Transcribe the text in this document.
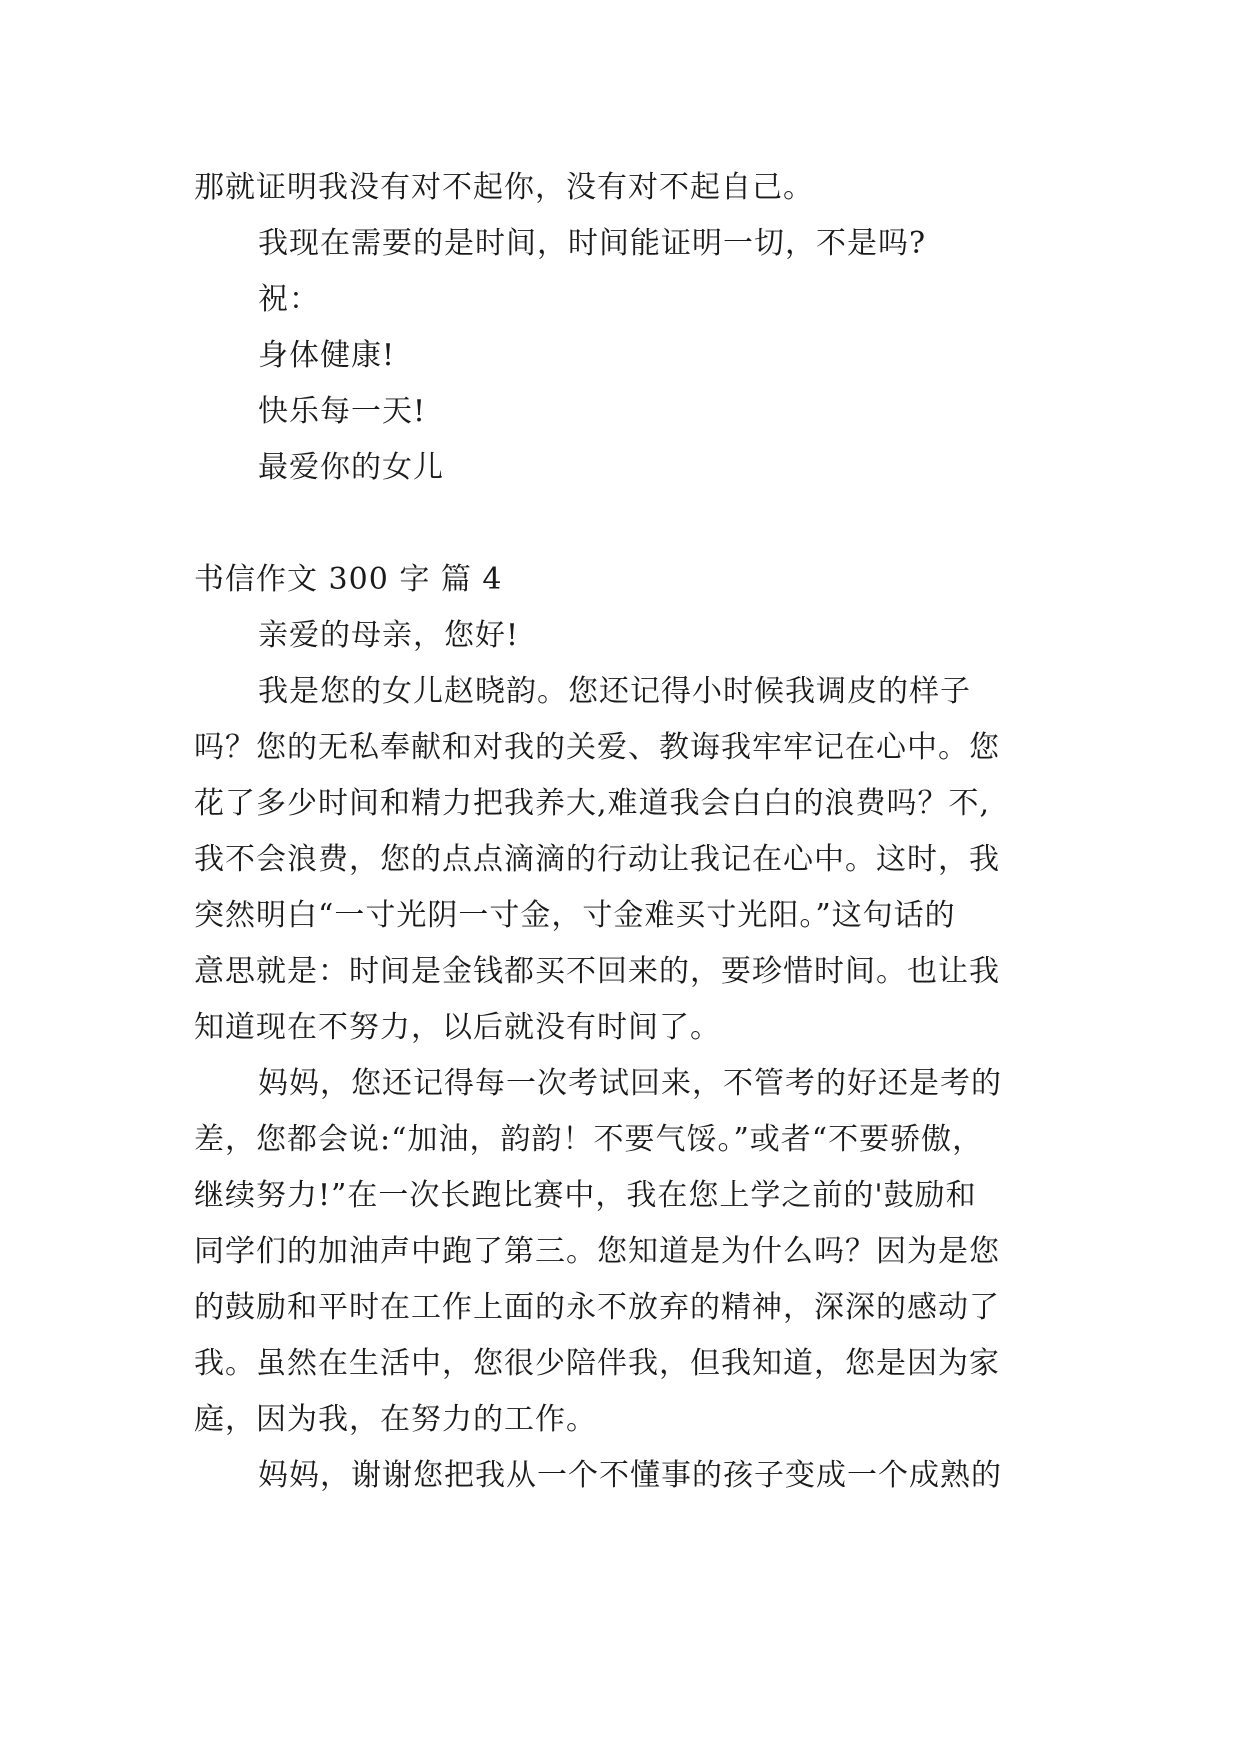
那就证明我没有对不起你，没有对不起自己。
我现在需要的是时间，时间能证明一切，不是吗?
祝：
身体健康!
快乐每一天!
最爱你的女儿
书信作文 300 字 篇 4
亲爱的母亲，您好!
我是您的女儿赵晓韵。您还记得小时候我调皮的样子
吗？您的无私奉献和对我的关爱、教诲我牢牢记在心中。您
花了多少时间和精力把我养大,难道我会白白的浪费吗？不,
我不会浪费，您的点点滴滴的行动让我记在心中。这时，我
突然明白“一寸光阴一寸金，寸金难买寸光阳。”这句话的
意思就是：时间是金钱都买不回来的，要珍惜时间。也让我
知道现在不努力，以后就没有时间了。
妈妈，您还记得每一次考试回来，不管考的好还是考的
差，您都会说:“加油，韵韵！不要气馁。”或者“不要骄傲，
继续努力!”在一次长跑比赛中，我在您上学之前的'鼓励和
同学们的加油声中跑了第三。您知道是为什么吗？因为是您
的鼓励和平时在工作上面的永不放弃的精神，深深的感动了
我。虽然在生活中，您很少陪伴我，但我知道，您是因为家
庭，因为我，在努力的工作。
妈妈，谢谢您把我从一个不懂事的孩子变成一个成熟的
